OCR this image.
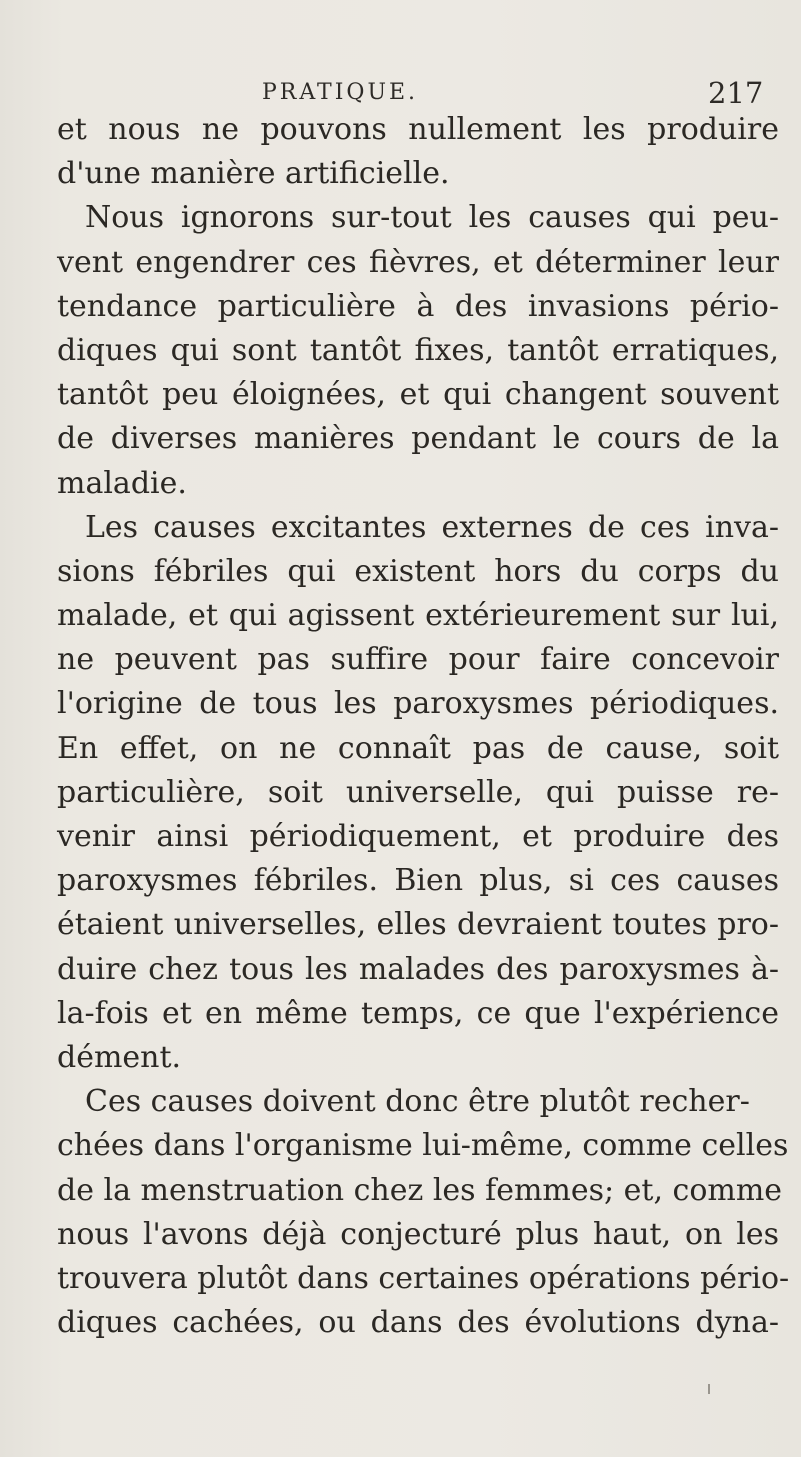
PRATIQUE.	217
et nous ne pouvons nullement les produire
d'une manière artificielle.
Nous ignorons sur-tout les causes qui peu-
vent engendrer ces fièvres, et déterminer leur
tendance particulière à des invasions pério-
diques qui sont tantôt fixes, tantôt erratiques,
tantôt peu éloignées, et qui changent souvent
de diverses manières pendant le cours de la
maladie.
Les causes excitantes externes de ces inva-
sions fébriles qui existent hors du corps du
malade, et qui agissent extérieurement sur lui,
ne peuvent pas suffire pour faire concevoir
l'origine de tous les paroxysmes périodiques.
En effet, on ne connaît pas de cause, soit
particulière, soit universelle, qui puisse re-
venir ainsi périodiquement, et produire des
paroxysmes fébriles. Bien plus, si ces causes
étaient universelles, elles devraient toutes pro-
duire chez tous les malades des paroxysmes à-
la-fois et en même temps, ce que l'expérience
dément.
Ces causes doivent donc être plutôt recher-
chées dans l'organisme lui-même, comme celles
de la menstruation chez les femmes; et, comme
nous l'avons déjà conjecturé plus haut, on les
trouvera plutôt dans certaines opérations pério-
diques cachées, ou dans des évolutions dyna-
